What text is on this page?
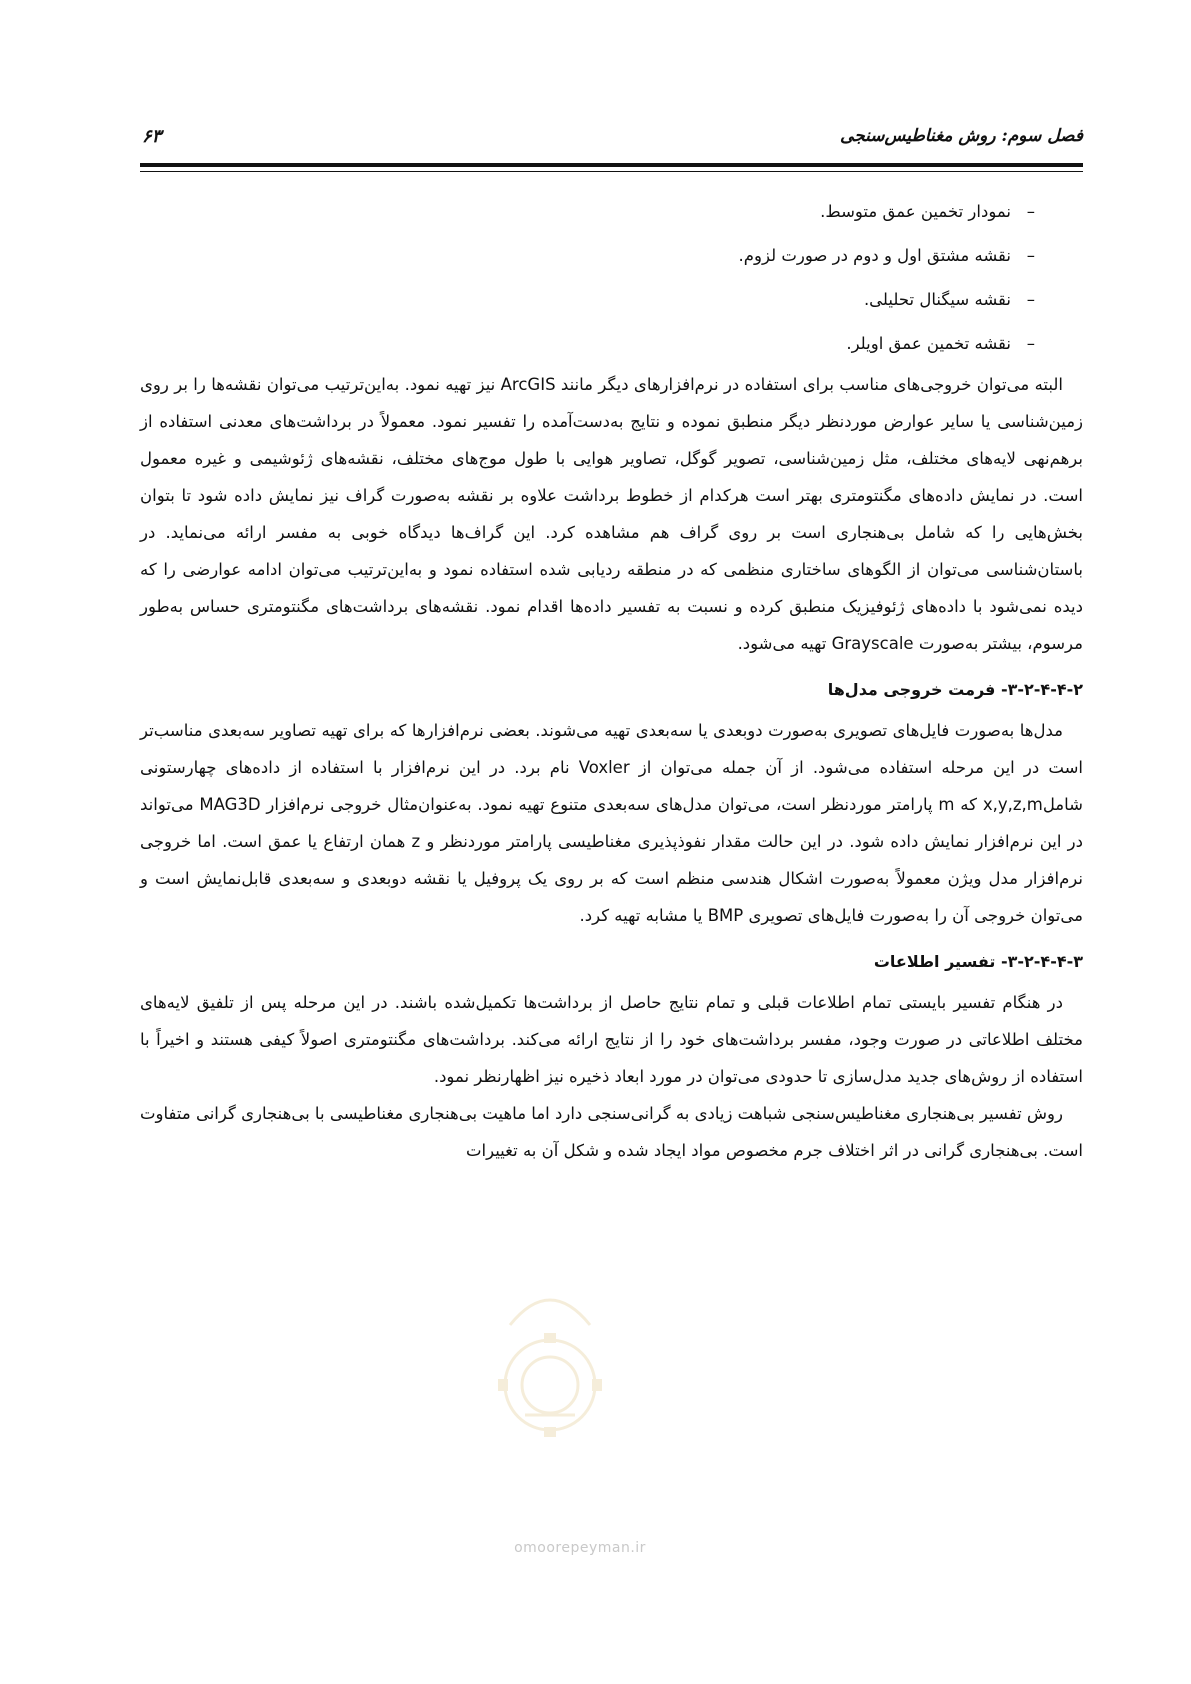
فصل سوم: روش مغناطیس‌سنجی
۶۳
–
نمودار تخمین عمق متوسط.
–
نقشه مشتق اول و دوم در صورت لزوم.
–
نقشه سیگنال تحلیلی.
–
نقشه تخمین عمق اویلر.

البته می‌توان خروجی‌های مناسب برای استفاده در نرم‌افزارهای دیگر مانند ArcGIS نیز تهیه نمود. به‌این‌ترتیب می‌توان نقشه‌ها را بر روی زمین‌شناسی یا سایر عوارض موردنظر دیگر منطبق نموده و نتایج به‌دست‌آمده را تفسیر نمود. معمولاً در برداشت‌های معدنی استفاده از برهم‌نهی لایه‌های مختلف، مثل زمین‌شناسی، تصویر گوگل، تصاویر هوایی با طول موج‌های مختلف، نقشه‌های ژئوشیمی و غیره معمول است. در نمایش داده‌های مگنتومتری بهتر است هرکدام از خطوط برداشت علاوه بر نقشه به‌صورت گراف نیز نمایش داده شود تا بتوان بخش‌هایی را که شامل بی‌هنجاری است بر روی گراف هم مشاهده کرد. این گراف‌ها دیدگاه خوبی به مفسر ارائه می‌نماید. در باستان‌شناسی می‌توان از الگوهای ساختاری منظمی که در منطقه ردیابی شده استفاده نمود و به‌این‌ترتیب می‌توان ادامه عوارضی را که دیده نمی‌شود با داده‌های ژئوفیزیک منطبق کرده و نسبت به تفسیر داده‌ها اقدام نمود. نقشه‌های برداشت‌های مگنتومتری حساس به‌طور مرسوم، بیشتر به‌صورت Grayscale تهیه می‌شود.

۳-۲-۴-۴-۲- فرمت خروجی مدل‌ها

مدل‌ها به‌صورت فایل‌های تصویری به‌صورت دوبعدی یا سه‌بعدی تهیه می‌شوند. بعضی نرم‌افزارها که برای تهیه تصاویر سه‌بعدی مناسب‌تر است در این مرحله استفاده می‌شود. از آن جمله می‌توان از Voxler نام برد. در این نرم‌افزار با استفاده از داده‌های چهارستونی شاملx,y,z,m که m پارامتر موردنظر است، می‌توان مدل‌های سه‌بعدی متنوع تهیه نمود. به‌عنوان‌مثال خروجی نرم‌افزار MAG3D می‌تواند در این نرم‌افزار نمایش داده شود. در این حالت مقدار نفوذپذیری مغناطیسی پارامتر موردنظر و z همان ارتفاع یا عمق است. اما خروجی نرم‌افزار مدل ویژن معمولاً به‌صورت اشکال هندسی منظم است که بر روی یک پروفیل یا نقشه دوبعدی و سه‌بعدی قابل‌نمایش است و می‌توان خروجی آن را به‌صورت فایل‌های تصویری BMP یا مشابه تهیه کرد.

۳-۲-۴-۴-۳- تفسیر اطلاعات

در هنگام تفسیر بایستی تمام اطلاعات قبلی و تمام نتایج حاصل از برداشت‌ها تکمیل‌شده باشند. در این مرحله پس از تلفیق لایه‌های مختلف اطلاعاتی در صورت وجود، مفسر برداشت‌های خود را از نتایج ارائه می‌کند. برداشت‌های مگنتومتری اصولاً کیفی هستند و اخیراً با استفاده از روش‌های جدید مدل‌سازی تا حدودی می‌توان در مورد ابعاد ذخیره نیز اظهارنظر نمود.

روش تفسیر بی‌هنجاری مغناطیس‌سنجی شباهت زیادی به گرانی‌سنجی دارد اما ماهیت بی‌هنجاری مغناطیسی با بی‌هنجاری گرانی متفاوت است. بی‌هنجاری گرانی در اثر اختلاف جرم مخصوص مواد ایجاد شده و شکل آن به تغییرات

omoorepeyman.ir
